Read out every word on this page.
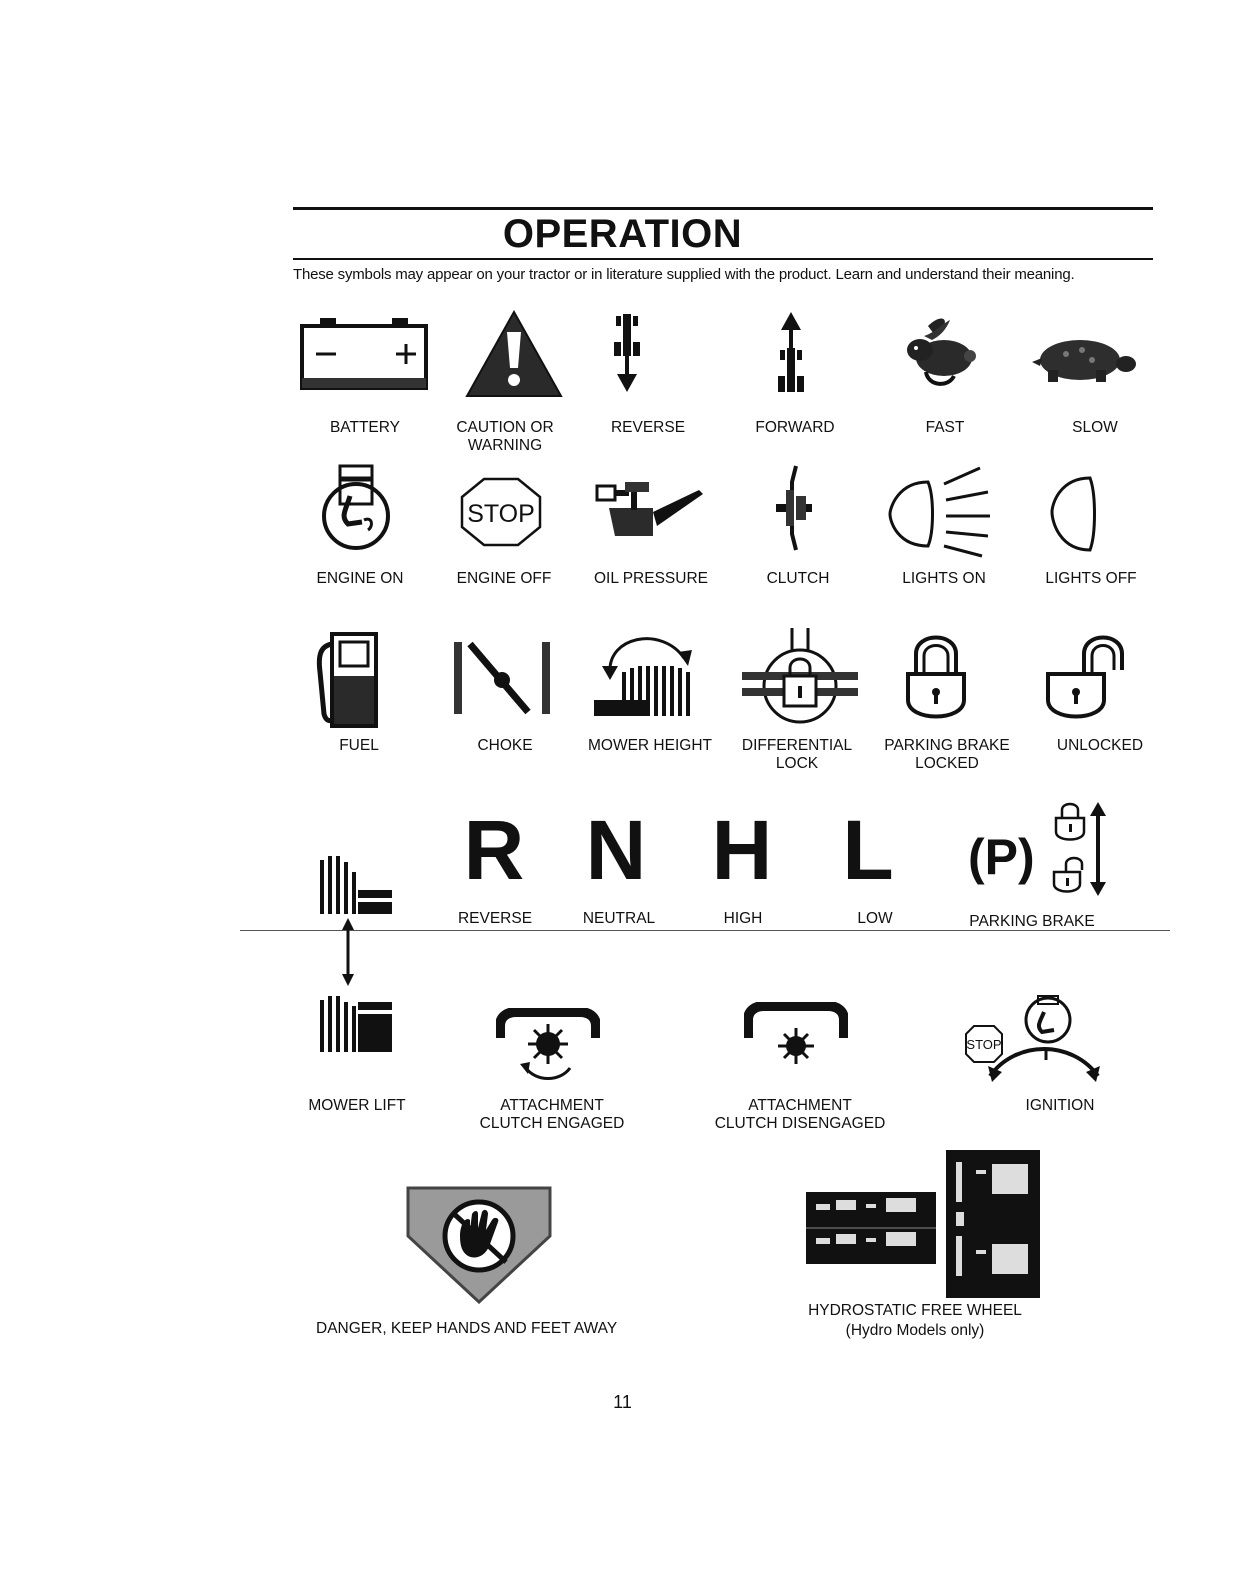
OPERATION
These symbols may appear on your tractor or in literature supplied with the product. Learn and understand their meaning.
BATTERY	CAUTION OR
WARNING
REVERSE	FORWARD	FAST	SLOW
STOP
ENGINE ON	ENGINE OFF	OIL PRESSURE	CLUTCH	LIGHTS ON	LIGHTS OFF
FUEL	CHOKE	MOWER HEIGHT	DIFFERENTIAL
LOCK
PARKING BRAKE
LOCKED
UNLOCKED
R N H L	(P)
REVERSE	NEUTRAL	HIGH	LOW	PARKING BRAKE
STOP
MOWER LIFT	ATTACHMENT
CLUTCH ENGAGED
ATTACHMENT
CLUTCH DISENGAGED
IGNITION
DANGER, KEEP HANDS AND FEET AWAY
HYDROSTATIC FREE WHEEL
(Hydro Models only)
11
